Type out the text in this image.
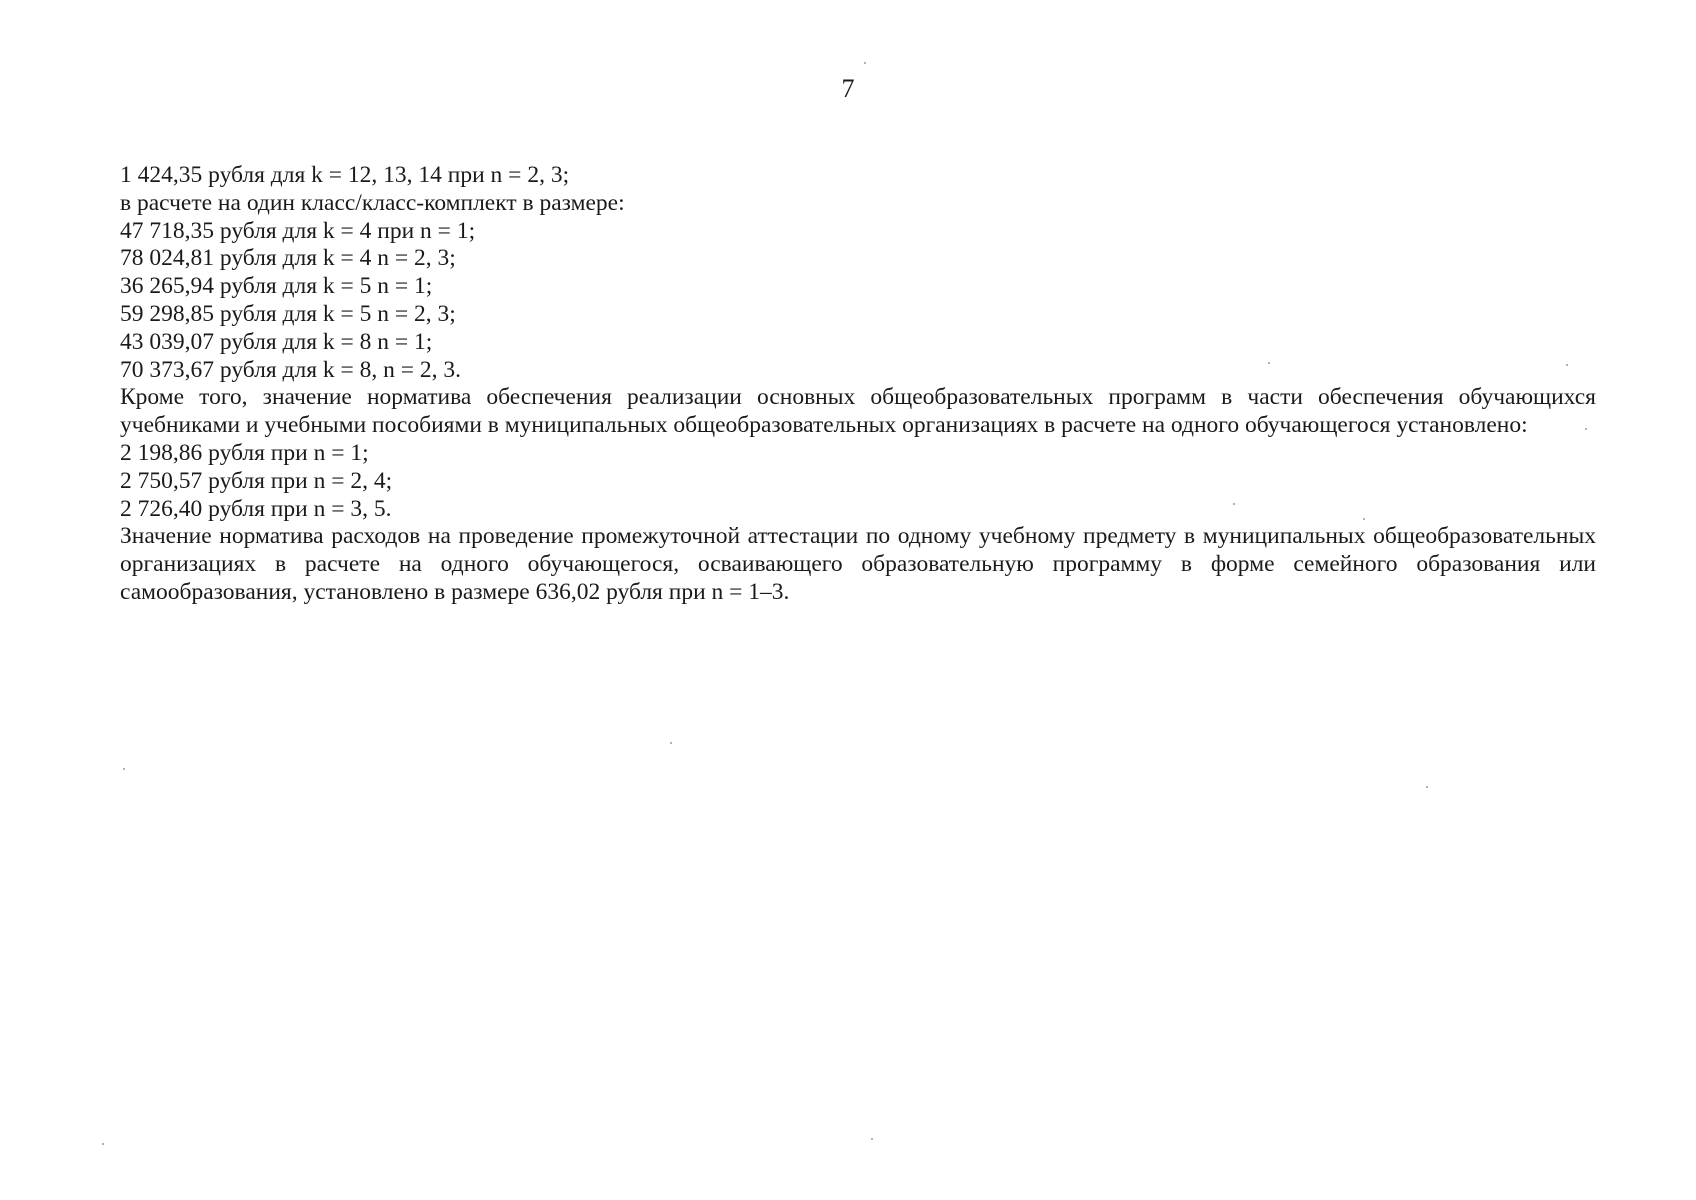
7

1 424,35 рубля для k = 12, 13, 14 при n = 2, 3;

в расчете на один класс/класс-комплект в размере:

47 718,35 рубля для k = 4 при n = 1;

78 024,81 рубля для k = 4 n = 2, 3;

36 265,94 рубля для k = 5 n = 1;

59 298,85 рубля для k = 5 n = 2, 3;

43 039,07 рубля для k = 8 n = 1;

70 373,67 рубля для k = 8, n = 2, 3.

Кроме того, значение норматива обеспечения реализации основных общеобразовательных программ в части обеспечения обучающихся учебниками и учебными пособиями в муниципальных общеобразовательных организациях в расчете на одного обучающегося установлено:

2 198,86 рубля при n = 1;

2 750,57 рубля при n = 2, 4;

2 726,40 рубля при n = 3, 5.

Значение норматива расходов на проведение промежуточной аттестации по одному учебному предмету в муниципальных общеобразовательных организациях в расчете на одного обучающегося, осваивающего образовательную программу в форме семейного образования или самообразования, установлено в размере 636,02 рубля при n = 1–3.
